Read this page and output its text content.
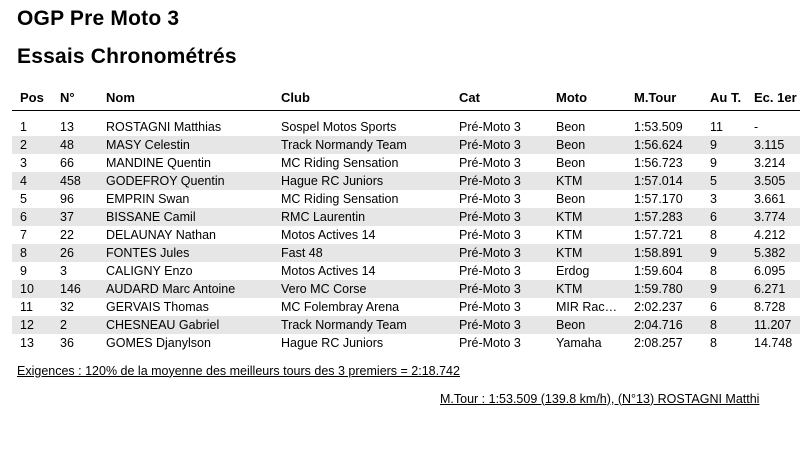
OGP Pre Moto 3
Essais Chronométrés
Pos	N°	Nom	Club	Cat	Moto	M.Tour	Au T.	Ec. 1er

1	13	ROSTAGNI Matthias	Sospel Motos Sports	Pré-Moto 3	Beon	1:53.509	11	-
2	48	MASY Celestin	Track Normandy Team	Pré-Moto 3	Beon	1:56.624	9	3.115
3	66	MANDINE Quentin	MC Riding Sensation	Pré-Moto 3	Beon	1:56.723	9	3.214
4	458	GODEFROY Quentin	Hague RC Juniors	Pré-Moto 3	KTM	1:57.014	5	3.505
5	96	EMPRIN Swan	MC Riding Sensation	Pré-Moto 3	Beon	1:57.170	3	3.661
6	37	BISSANE Camil	RMC Laurentin	Pré-Moto 3	KTM	1:57.283	6	3.774
7	22	DELAUNAY Nathan	Motos Actives 14	Pré-Moto 3	KTM	1:57.721	8	4.212
8	26	FONTES Jules	Fast 48	Pré-Moto 3	KTM	1:58.891	9	5.382
9	3	CALIGNY Enzo	Motos Actives 14	Pré-Moto 3	Erdog	1:59.604	8	6.095
10	146	AUDARD Marc Antoine	Vero MC Corse	Pré-Moto 3	KTM	1:59.780	9	6.271
11	32	GERVAIS Thomas	MC Folembray Arena	Pré-Moto 3	MIR Rac…	2:02.237	6	8.728
12	2	CHESNEAU Gabriel	Track Normandy Team	Pré-Moto 3	Beon	2:04.716	8	11.207
13	36	GOMES Djanylson	Hague RC Juniors	Pré-Moto 3	Yamaha	2:08.257	8	14.748
Exigences : 120% de la moyenne des meilleurs tours des 3 premiers = 2:18.742
M.Tour : 1:53.509 (139.8 km/h), (N°13) ROSTAGNI Matthi
